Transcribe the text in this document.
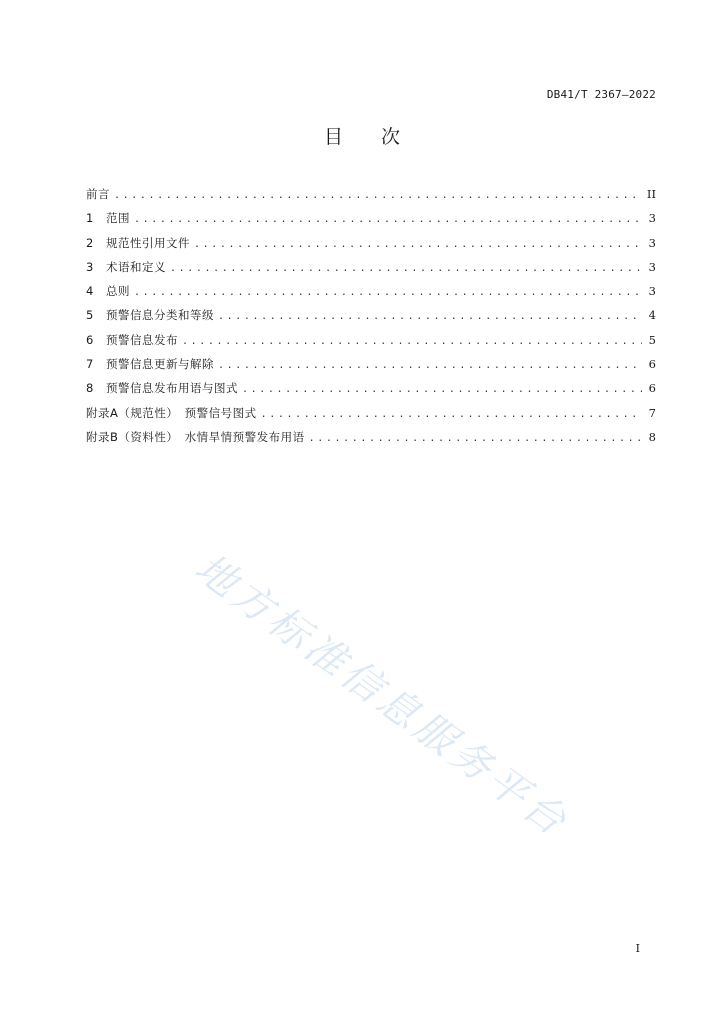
DB41/T 2367—2022
目次
前言 .....	II
1	范围 .....	3
2	规范性引用文件 .....	3
3	术语和定义 .....	3
4	总则 .....	3
5	预警信息分类和等级 .....	4
6	预警信息发布 .....	5
7	预警信息更新与解除 .....	6
8	预警信息发布用语与图式 .....	6
附录A（规范性）　预警信号图式 .....	7
附录B（资料性）　水情旱情预警发布用语 .....	8
地方标准信息服务平台
I
